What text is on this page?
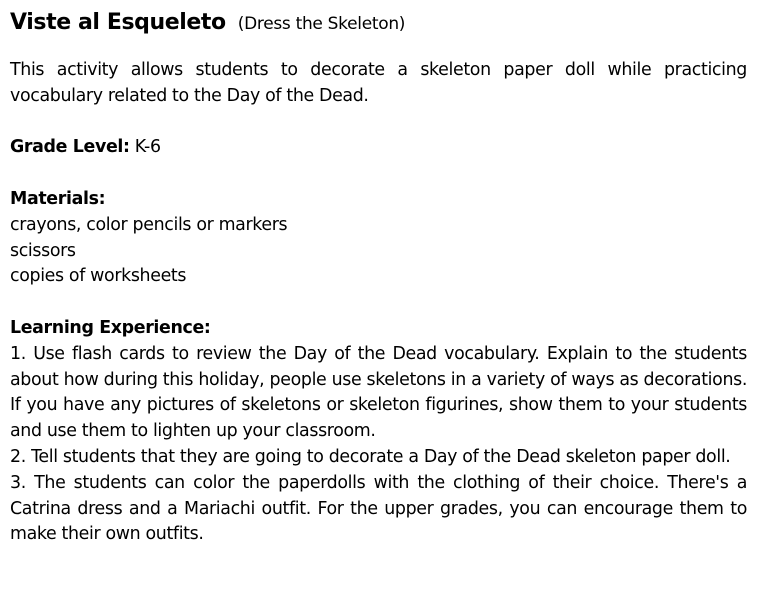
Viste al Esqueleto (Dress the Skeleton)

This activity allows students to decorate a skeleton paper doll while practicing vocabulary related to the Day of the Dead.

Grade Level: K-6

Materials:
crayons, color pencils or markers
scissors
copies of worksheets

Learning Experience:

1. Use flash cards to review the Day of the Dead vocabulary. Explain to the students about how during this holiday, people use skeletons in a variety of ways as decorations. If you have any pictures of skeletons or skeleton figurines, show them to your students and use them to lighten up your classroom.

2. Tell students that they are going to decorate a Day of the Dead skeleton paper doll.

3. The students can color the paperdolls with the clothing of their choice. There's a Catrina dress and a Mariachi outfit. For the upper grades, you can encourage them to make their own outfits.
